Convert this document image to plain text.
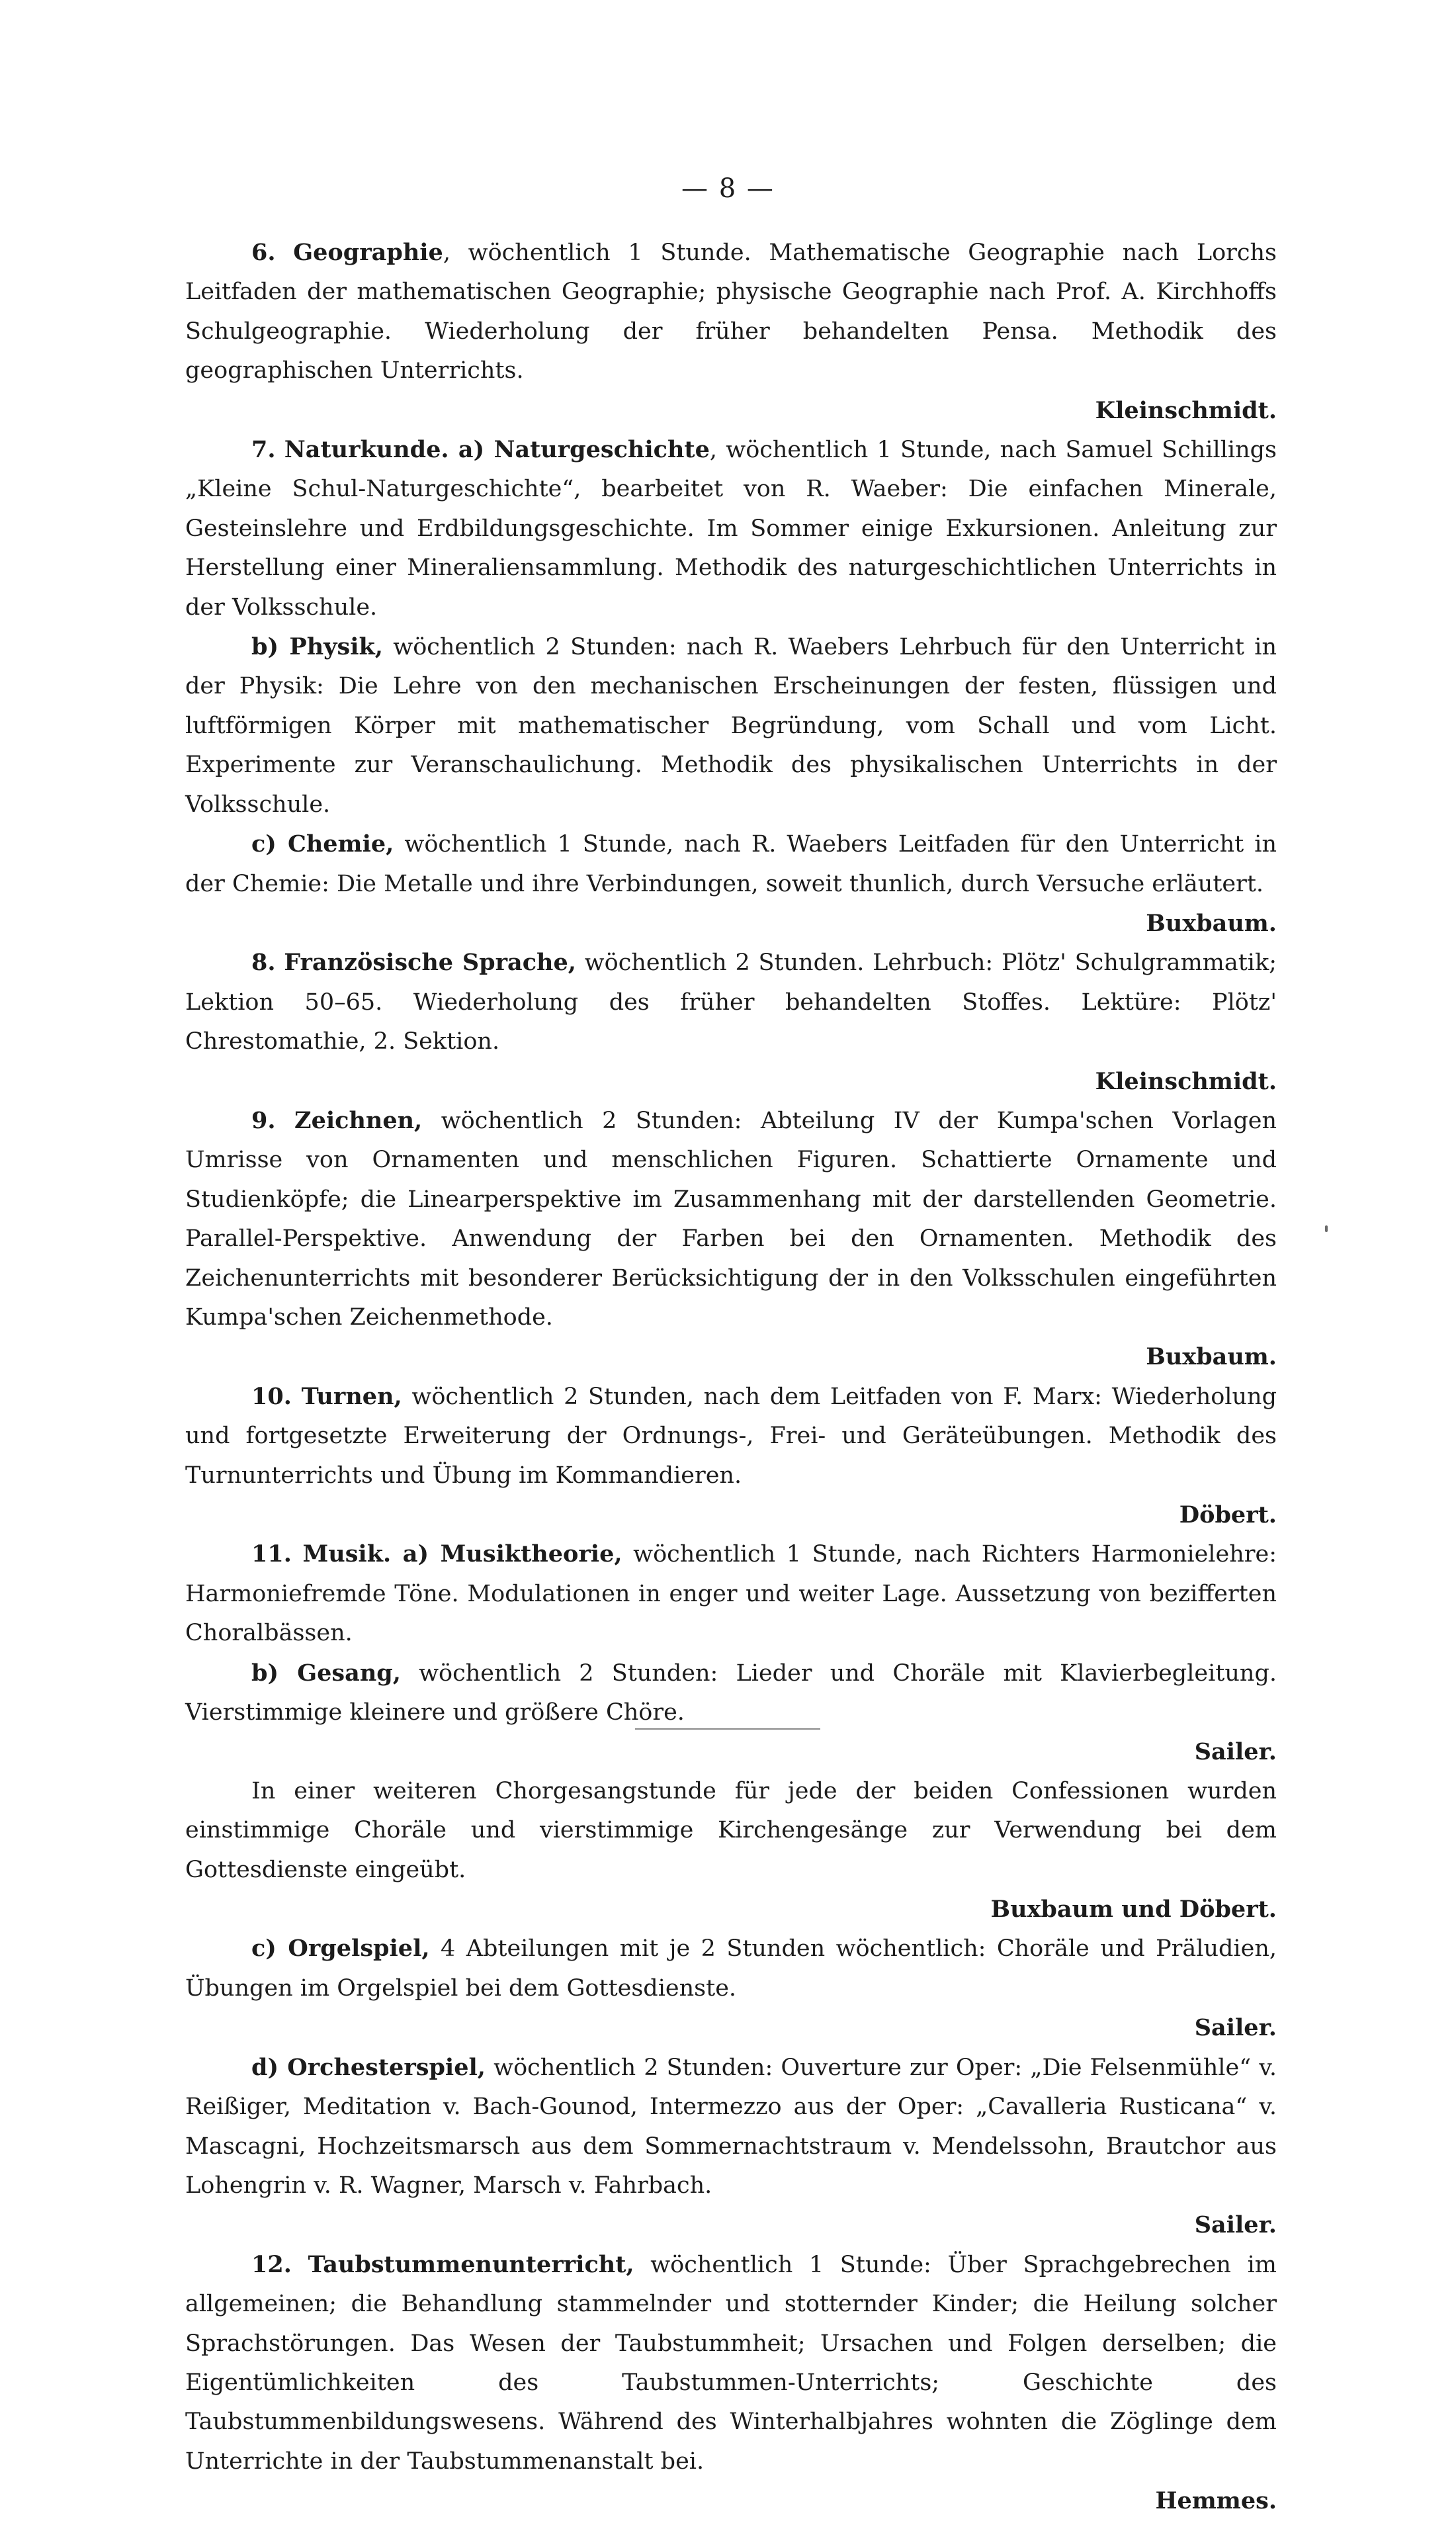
— 8 —

6. Geographie, wöchentlich 1 Stunde. Mathematische Geographie nach Lorchs Leitfaden der mathematischen Geographie; physische Geographie nach Prof. A. Kirchhoffs Schulgeographie. Wiederholung der früher behandelten Pensa. Methodik des geographischen Unterrichts.
Kleinschmidt.

7. Naturkunde. a) Naturgeschichte, wöchentlich 1 Stunde, nach Samuel Schillings „Kleine Schul-Naturgeschichte“, bearbeitet von R. Waeber: Die einfachen Minerale, Gesteinslehre und Erdbildungsgeschichte. Im Sommer einige Exkursionen. Anleitung zur Herstellung einer Mineraliensammlung. Methodik des naturgeschichtlichen Unterrichts in der Volksschule.

b) Physik, wöchentlich 2 Stunden: nach R. Waebers Lehrbuch für den Unterricht in der Physik: Die Lehre von den mechanischen Erscheinungen der festen, flüssigen und luftförmigen Körper mit mathematischer Begründung, vom Schall und vom Licht. Experimente zur Veranschaulichung. Methodik des physikalischen Unterrichts in der Volksschule.

c) Chemie, wöchentlich 1 Stunde, nach R. Waebers Leitfaden für den Unterricht in der Chemie: Die Metalle und ihre Verbindungen, soweit thunlich, durch Versuche erläutert.
Buxbaum.

8. Französische Sprache, wöchentlich 2 Stunden. Lehrbuch: Plötz' Schulgrammatik; Lektion 50–65. Wiederholung des früher behandelten Stoffes. Lektüre: Plötz' Chrestomathie, 2. Sektion.
Kleinschmidt.

9. Zeichnen, wöchentlich 2 Stunden: Abteilung IV der Kumpa'schen Vorlagen Umrisse von Ornamenten und menschlichen Figuren. Schattierte Ornamente und Studienköpfe; die Linearperspektive im Zusammenhang mit der darstellenden Geometrie. Parallel-Perspektive. Anwendung der Farben bei den Ornamenten. Methodik des Zeichenunterrichts mit besonderer Berücksichtigung der in den Volksschulen eingeführten Kumpa'schen Zeichenmethode.
Buxbaum.

10. Turnen, wöchentlich 2 Stunden, nach dem Leitfaden von F. Marx: Wiederholung und fortgesetzte Erweiterung der Ordnungs-, Frei- und Geräteübungen. Methodik des Turnunterrichts und Übung im Kommandieren.
Döbert.

11. Musik. a) Musiktheorie, wöchentlich 1 Stunde, nach Richters Harmonielehre: Harmoniefremde Töne. Modulationen in enger und weiter Lage. Aussetzung von bezifferten Choralbässen.

b) Gesang, wöchentlich 2 Stunden: Lieder und Choräle mit Klavierbegleitung. Vierstimmige kleinere und größere Chöre.
Sailer.

In einer weiteren Chorgesangstunde für jede der beiden Confessionen wurden einstimmige Choräle und vierstimmige Kirchengesänge zur Verwendung bei dem Gottesdienste eingeübt.
Buxbaum und Döbert.

c) Orgelspiel, 4 Abteilungen mit je 2 Stunden wöchentlich: Choräle und Präludien, Übungen im Orgelspiel bei dem Gottesdienste.
Sailer.

d) Orchesterspiel, wöchentlich 2 Stunden: Ouverture zur Oper: „Die Felsenmühle“ v. Reißiger, Meditation v. Bach-Gounod, Intermezzo aus der Oper: „Cavalleria Rusticana“ v. Mascagni, Hochzeitsmarsch aus dem Sommernachtstraum v. Mendelssohn, Brautchor aus Lohengrin v. R. Wagner, Marsch v. Fahrbach.
Sailer.

12. Taubstummenunterricht, wöchentlich 1 Stunde: Über Sprachgebrechen im allgemeinen; die Behandlung stammelnder und stotternder Kinder; die Heilung solcher Sprachstörungen. Das Wesen der Taubstummheit; Ursachen und Folgen derselben; die Eigentümlichkeiten des Taubstummen-Unterrichts; Geschichte des Taubstummenbildungswesens. Während des Winterhalbjahres wohnten die Zöglinge dem Unterrichte in der Taubstummenanstalt bei.
Hemmes.
